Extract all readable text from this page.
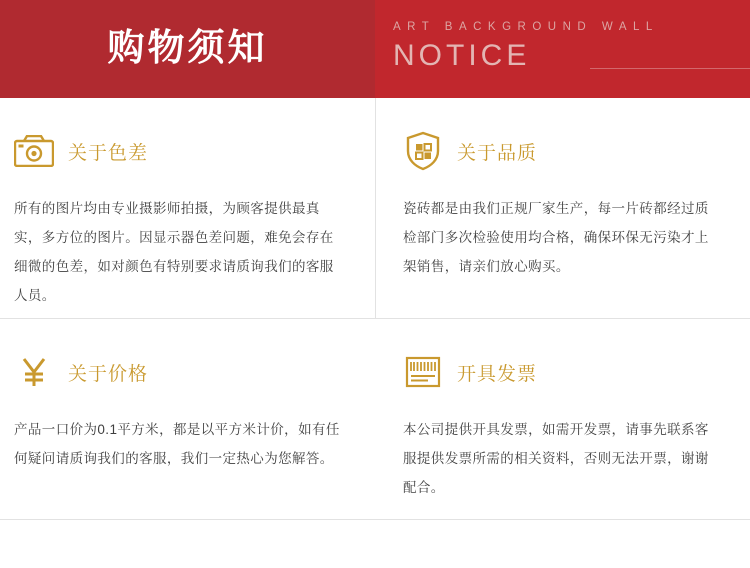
购物须知	ART BACKGROUND WALL
NOTICE
关于色差
所有的图片均由专业摄影师拍摄，为顾客提供最真实，多方位的图片。因显示器色差问题，难免会存在细微的色差，如对颜色有特别要求请质询我们的客服人员。
关于品质
瓷砖都是由我们正规厂家生产，每一片砖都经过质检部门多次检验使用均合格，确保环保无污染才上架销售，请亲们放心购买。
关于价格
产品一口价为0.1平方米，都是以平方米计价，如有任何疑问请质询我们的客服，我们一定热心为您解答。
开具发票
本公司提供开具发票，如需开发票，请事先联系客服提供发票所需的相关资料，否则无法开票，谢谢配合。
